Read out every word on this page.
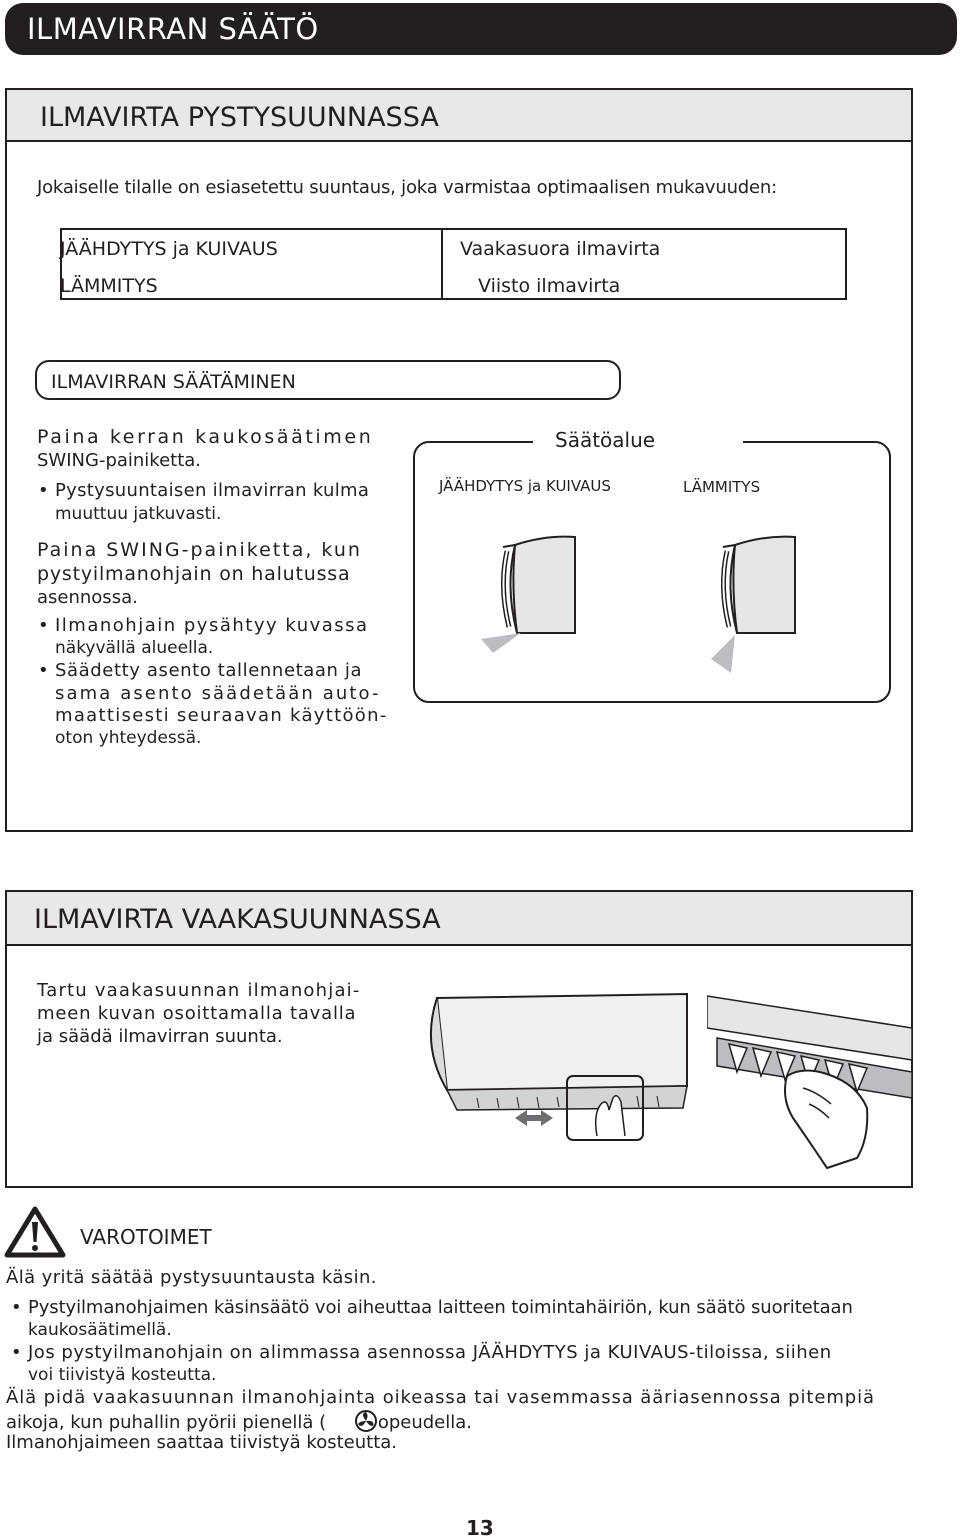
ILMAVIRRAN SÄÄTÖ
ILMAVIRTA PYSTYSUUNNASSA
Jokaiselle tilalle on esiasetettu suuntaus, joka varmistaa optimaalisen mukavuuden:
JÄÄHDYTYS ja KUIVAUS	Vaakasuora ilmavirta
LÄMMITYS	Viisto ilmavirta
ILMAVIRRAN SÄÄTÄMINEN
Paina kerran kaukosäätimen
SWING-painiketta.
• Pystysuuntaisen ilmavirran kulma
muuttuu jatkuvasti.
Paina SWING-painiketta, kun
pystyilmanohjain on halutussa
asennossa.
• Ilmanohjain pysähtyy kuvassa
näkyvällä alueella.
• Säädetty asento tallennetaan ja
sama asento säädetään auto-
maattisesti seuraavan käyttöön-
oton yhteydessä.
Säätöalue
JÄÄHDYTYS ja KUIVAUS	LÄMMITYS
ILMAVIRTA VAAKASUUNNASSA
Tartu vaakasuunnan ilmanohjai-
meen kuvan osoittamalla tavalla
ja säädä ilmavirran suunta.
VAROTOIMET
Älä yritä säätää pystysuuntausta käsin.
• Pystyilmanohjaimen käsinsäätö voi aiheuttaa laitteen toimintahäiriön, kun säätö suoritetaan
kaukosäätimellä.
• Jos pystyilmanohjain on alimmassa asennossa JÄÄHDYTYS ja KUIVAUS-tiloissa, siihen
voi tiivistyä kosteutta.
Älä pidä vaakasuunnan ilmanohjainta oikeassa tai vasemmassa ääriasennossa pitempiä
aikoja, kun puhallin pyörii pienellä (	opeudella.
Ilmanohjaimeen saattaa tiivistyä kosteutta.
13
